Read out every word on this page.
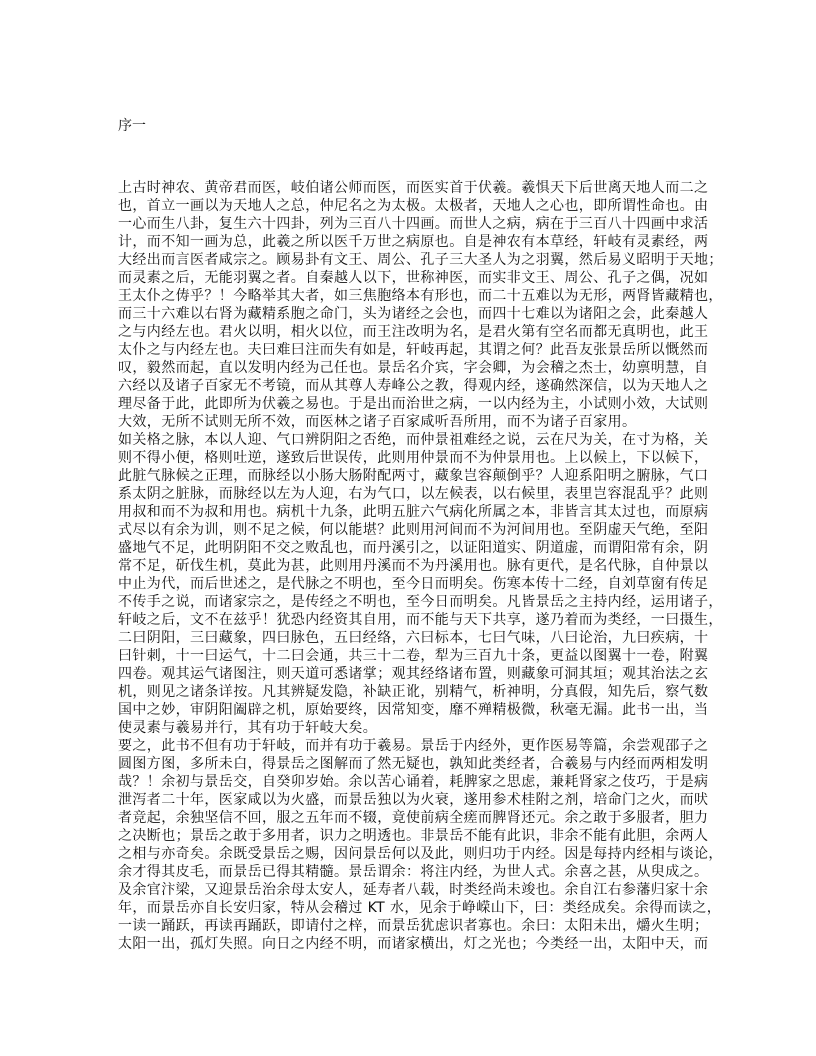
序一
上古时神农、黄帝君而医，岐伯诸公师而医，而医实首于伏羲。羲惧天下后世离天地人而二之
也，首立一画以为天地人之总，仲尼名之为太极。太极者，天地人之心也，即所谓性命也。由
一心而生八卦，复生六十四卦，列为三百八十四画。而世人之病，病在于三百八十四画中求活
计，而不知一画为总，此羲之所以医千万世之病原也。自是神农有本草经，轩岐有灵素经，两
大经出而言医者咸宗之。顾易卦有文王、周公、孔子三大圣人为之羽翼，然后易义昭明于天地；
而灵素之后，无能羽翼之者。自秦越人以下，世称神医，而实非文王、周公、孔子之偶，况如
王太仆之俦乎？！今略举其大者，如三焦胞络本有形也，而二十五难以为无形，两肾皆藏精也，
而三十六难以右肾为藏精系胞之命门，头为诸经之会也，而四十七难以为诸阳之会，此秦越人
之与内经左也。君火以明，相火以位，而王注改明为名，是君火第有空名而都无真明也，此王
太仆之与内经左也。夫曰难曰注而失有如是，轩岐再起，其谓之何？此吾友张景岳所以慨然而
叹，毅然而起，直以发明内经为己任也。景岳名介宾，字会卿，为会稽之杰士，幼禀明慧，自
六经以及诸子百家无不考镜，而从其尊人寿峰公之教，得观内经，遂确然深信，以为天地人之
理尽备于此，此即所为伏羲之易也。于是出而治世之病，一以内经为主，小试则小效，大试则
大效，无所不试则无所不效，而医林之诸子百家咸听吾所用，而不为诸子百家用。
如关格之脉，本以人迎、气口辨阴阳之否绝，而仲景祖难经之说，云在尺为关，在寸为格，关
则不得小便，格则吐逆，遂致后世误传，此则用仲景而不为仲景用也。上以候上，下以候下，
此脏气脉候之正理，而脉经以小肠大肠附配两寸，藏象岂容颠倒乎？人迎系阳明之腑脉，气口
系太阴之脏脉，而脉经以左为人迎，右为气口，以左候表，以右候里，表里岂容混乱乎？此则
用叔和而不为叔和用也。病机十九条，此明五脏六气病化所属之本，非皆言其太过也，而原病
式尽以有余为训，则不足之候，何以能堪？此则用河间而不为河间用也。至阴虚天气绝，至阳
盛地气不足，此明阴阳不交之败乱也，而丹溪引之，以证阳道实、阴道虚，而谓阳常有余，阴
常不足，斫伐生机，莫此为甚，此则用丹溪而不为丹溪用也。脉有更代，是名代脉，自仲景以
中止为代，而后世述之，是代脉之不明也，至今日而明矣。伤寒本传十二经，自刘草窗有传足
不传手之说，而诸家宗之，是传经之不明也，至今日而明矣。凡皆景岳之主持内经，运用诸子，
轩岐之后，文不在兹乎！犹恐内经资其自用，而不能与天下共享，遂乃着而为类经，一曰摄生，
二曰阴阳，三曰藏象，四曰脉色，五曰经络，六曰标本，七曰气味，八曰论治，九曰疾病，十
曰针刺，十一曰运气，十二曰会通，共三十二卷，犁为三百九十条，更益以图翼十一卷，附翼
四卷。观其运气诸图注，则天道可悉诸掌；观其经络诸布置，则藏象可洞其垣；观其治法之玄
机，则见之诸条详按。凡其辨疑发隐，补缺正讹，别精气，析神明，分真假，知先后，察气数
国中之妙，审阴阳阖辟之机，原始要终，因常知变，靡不殚精极微，秋毫无漏。此书一出，当
使灵素与羲易并行，其有功于轩岐大矣。
要之，此书不但有功于轩岐，而并有功于羲易。景岳于内经外，更作医易等篇，余尝观邵子之
圆图方图，多所未白，得景岳之图解而了然无疑也，孰知此类经者，合羲易与内经而两相发明
哉？！余初与景岳交，自癸卯岁始。余以苦心诵着，耗脾家之思虑，兼耗肾家之伎巧，于是病
泄泻者二十年，医家咸以为火盛，而景岳独以为火衰，遂用参术桂附之剂，培命门之火，而吠
者竞起，余独坚信不回，服之五年而不辍，竟使前病全瘥而脾肾还元。余之敢于多服者，胆力
之决断也；景岳之敢于多用者，识力之明透也。非景岳不能有此识，非余不能有此胆，余两人
之相与亦奇矣。余既受景岳之赐，因问景岳何以及此，则归功于内经。因是每持内经相与谈论，
余才得其皮毛，而景岳已得其精髓。景岳谓余：将注内经，为世人式。余喜之甚，从臾成之。
及余官汴梁，又迎景岳治余母太安人，延寿者八载，时类经尚未竣也。余自江右参藩归家十余
年，而景岳亦自长安归家，特从会稽过 KT 水，见余于峥嵘山下，曰：类经成矣。余得而读之，
一读一踊跃，再读再踊跃，即请付之梓，而景岳犹虑识者寡也。余曰：太阳未出，爝火生明；
太阳一出，孤灯失照。向日之内经不明，而诸家横出，灯之光也；今类经一出，太阳中天，而
